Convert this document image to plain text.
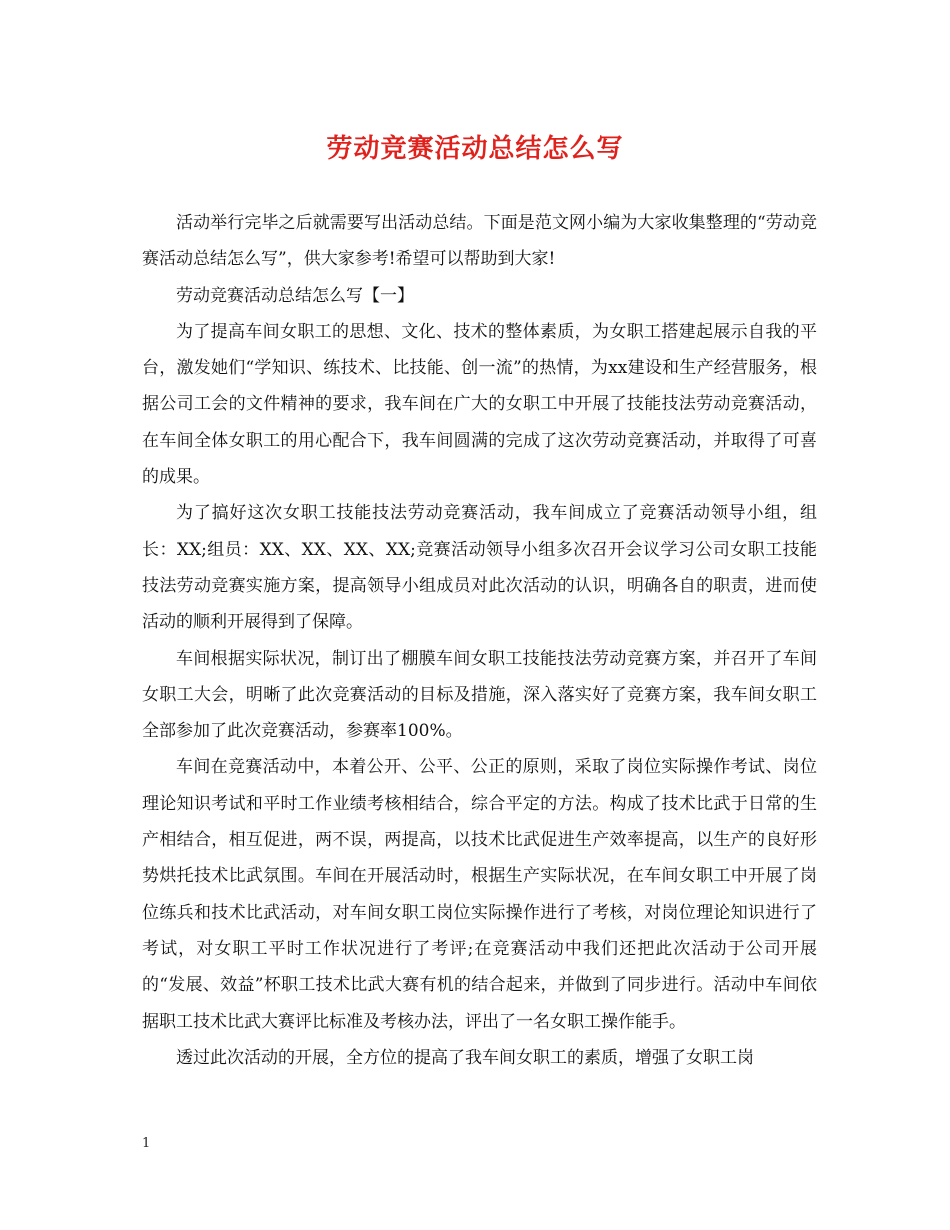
劳动竞赛活动总结怎么写

活动举行完毕之后就需要写出活动总结。下面是范文网小编为大家收集整理的“劳动竞赛活动总结怎么写”，供大家参考!希望可以帮助到大家!

劳动竞赛活动总结怎么写【一】

为了提高车间女职工的思想、文化、技术的整体素质，为女职工搭建起展示自我的平台，激发她们“学知识、练技术、比技能、创一流”的热情，为xx建设和生产经营服务，根据公司工会的文件精神的要求，我车间在广大的女职工中开展了技能技法劳动竞赛活动，在车间全体女职工的用心配合下，我车间圆满的完成了这次劳动竞赛活动，并取得了可喜的成果。

为了搞好这次女职工技能技法劳动竞赛活动，我车间成立了竞赛活动领导小组，组长：XX;组员：XX、XX、XX、XX;竞赛活动领导小组多次召开会议学习公司女职工技能技法劳动竞赛实施方案，提高领导小组成员对此次活动的认识，明确各自的职责，进而使活动的顺利开展得到了保障。

车间根据实际状况，制订出了棚膜车间女职工技能技法劳动竞赛方案，并召开了车间女职工大会，明晰了此次竞赛活动的目标及措施，深入落实好了竞赛方案，我车间女职工全部参加了此次竞赛活动，参赛率100%。

车间在竞赛活动中，本着公开、公平、公正的原则，采取了岗位实际操作考试、岗位理论知识考试和平时工作业绩考核相结合，综合平定的方法。构成了技术比武于日常的生产相结合，相互促进，两不误，两提高，以技术比武促进生产效率提高，以生产的良好形势烘托技术比武氛围。车间在开展活动时，根据生产实际状况，在车间女职工中开展了岗位练兵和技术比武活动，对车间女职工岗位实际操作进行了考核，对岗位理论知识进行了考试，对女职工平时工作状况进行了考评;在竞赛活动中我们还把此次活动于公司开展的“发展、效益”杯职工技术比武大赛有机的结合起来，并做到了同步进行。活动中车间依据职工技术比武大赛评比标准及考核办法，评出了一名女职工操作能手。

透过此次活动的开展，全方位的提高了我车间女职工的素质，增强了女职工岗

1
